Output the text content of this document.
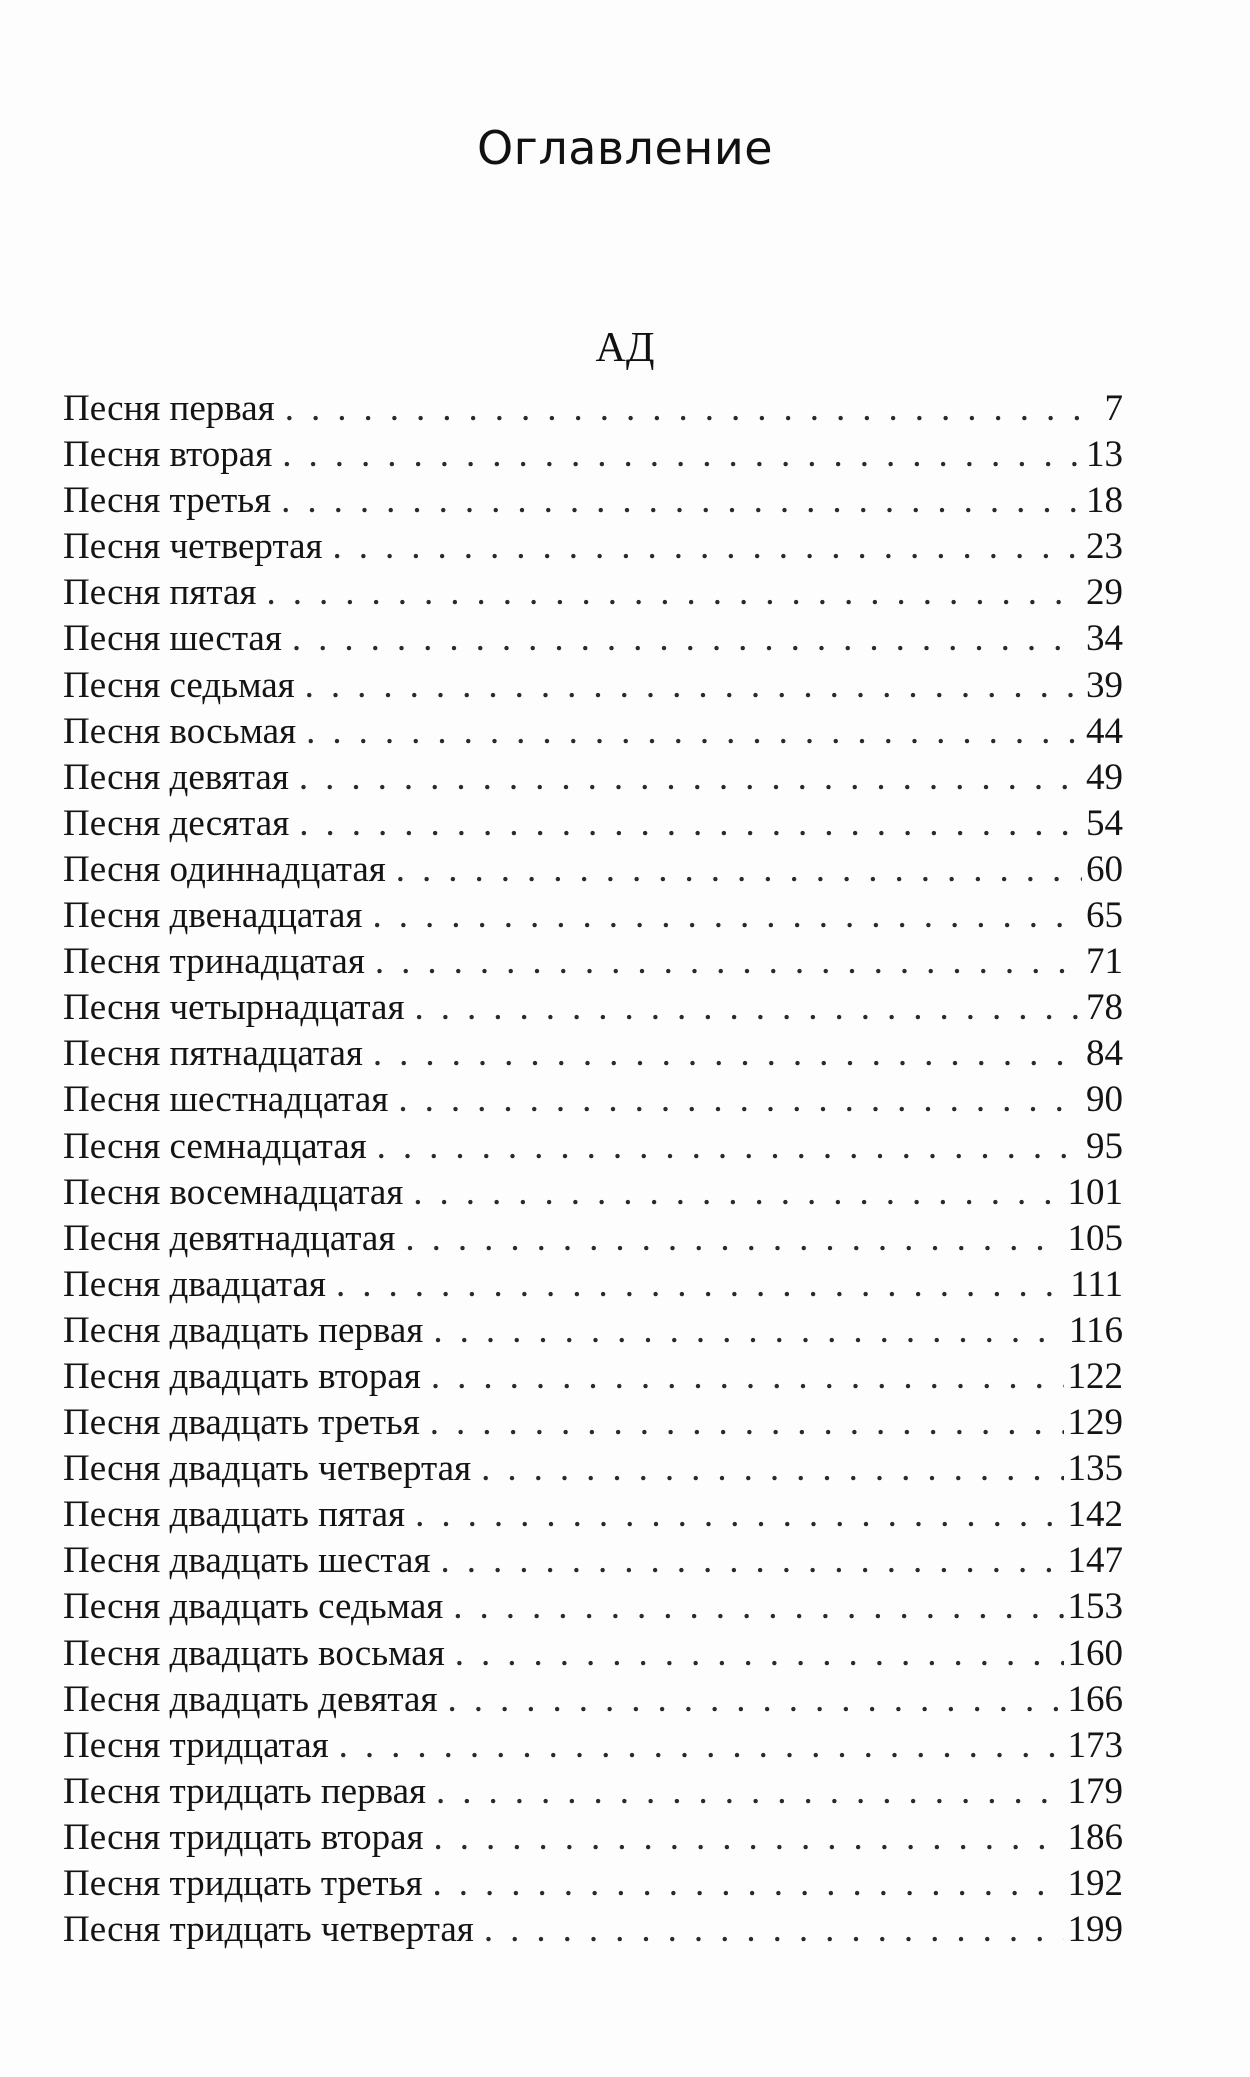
Оглавление
АД
Песня первая .....	7
Песня вторая .....	13
Песня третья .....	18
Песня четвертая .....	23
Песня пятая .....	29
Песня шестая .....	34
Песня седьмая .....	39
Песня восьмая .....	44
Песня девятая .....	49
Песня десятая .....	54
Песня одиннадцатая .....	60
Песня двенадцатая .....	65
Песня тринадцатая .....	71
Песня четырнадцатая .....	78
Песня пятнадцатая .....	84
Песня шестнадцатая .....	90
Песня семнадцатая .....	95
Песня восемнадцатая .....	101
Песня девятнадцатая .....	105
Песня двадцатая .....	111
Песня двадцать первая .....	116
Песня двадцать вторая .....	122
Песня двадцать третья .....	129
Песня двадцать четвертая .....	135
Песня двадцать пятая .....	142
Песня двадцать шестая .....	147
Песня двадцать седьмая .....	153
Песня двадцать восьмая .....	160
Песня двадцать девятая .....	166
Песня тридцатая .....	173
Песня тридцать первая .....	179
Песня тридцать вторая .....	186
Песня тридцать третья .....	192
Песня тридцать четвертая .....	199
